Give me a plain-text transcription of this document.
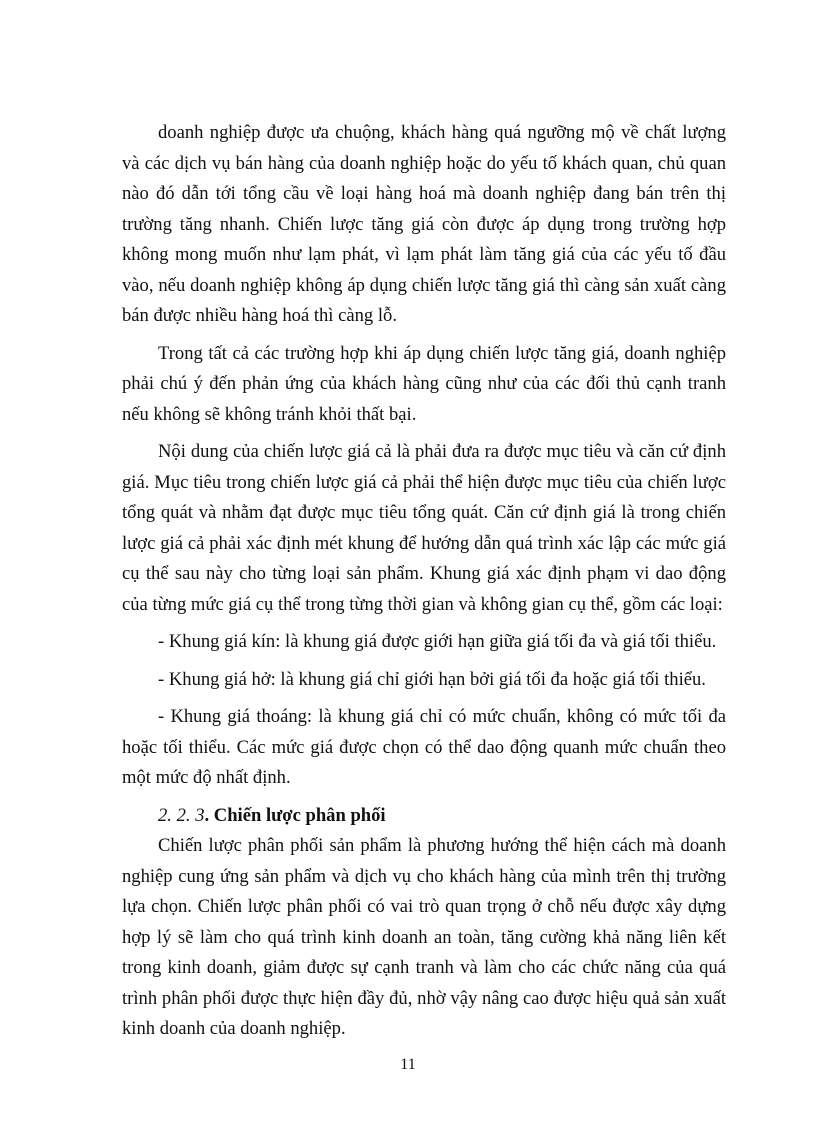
doanh nghiệp được ưa chuộng, khách hàng quá ngưỡng mộ về chất lượng và các dịch vụ bán hàng của doanh nghiệp hoặc do yếu tố khách quan, chủ quan nào đó dẫn tới tổng cầu về loại hàng hoá mà doanh nghiệp đang bán trên thị trường tăng nhanh. Chiến lược tăng giá còn được áp dụng trong trường hợp không mong muốn như lạm phát, vì lạm phát làm tăng giá của các yếu tố đầu vào, nếu doanh nghiệp không áp dụng chiến lược tăng giá thì càng sản xuất càng bán được nhiều hàng hoá thì càng lỗ.

Trong tất cả các trường hợp khi áp dụng chiến lược tăng giá, doanh nghiệp phải chú ý đến phản ứng của khách hàng cũng như của các đối thủ cạnh tranh nếu không sẽ không tránh khỏi thất bại.

Nội dung của chiến lược giá cả là phải đưa ra được mục tiêu và căn cứ định giá. Mục tiêu trong chiến lược giá cả phải thể hiện được mục tiêu của chiến lược tổng quát và nhằm đạt được mục tiêu tổng quát. Căn cứ định giá là trong chiến lược giá cả phải xác định mét khung để hướng dẫn quá trình xác lập các mức giá cụ thể sau này cho từng loại sản phẩm. Khung giá xác định phạm vi dao động của từng mức giá cụ thể trong từng thời gian và không gian cụ thể, gồm các loại:

- Khung giá kín: là khung giá được giới hạn giữa giá tối đa và giá tối thiểu.

- Khung giá hở: là khung giá chỉ giới hạn bởi giá tối đa hoặc giá tối thiểu.

- Khung giá thoáng: là khung giá chỉ có mức chuẩn, không có mức tối đa hoặc tối thiểu. Các mức giá được chọn có thể dao động quanh mức chuẩn theo một mức độ nhất định.

2. 2. 3. Chiến lược phân phối

Chiến lược phân phối sản phẩm là phương hướng thể hiện cách mà doanh nghiệp cung ứng sản phẩm và dịch vụ cho khách hàng của mình trên thị trường lựa chọn. Chiến lược phân phối có vai trò quan trọng ở chỗ nếu được xây dựng hợp lý sẽ làm cho quá trình kinh doanh an toàn, tăng cường khả năng liên kết trong kinh doanh, giảm được sự cạnh tranh và làm cho các chức năng của quá trình phân phối được thực hiện đầy đủ, nhờ vậy nâng cao được hiệu quả sản xuất kinh doanh của doanh nghiệp.

11
